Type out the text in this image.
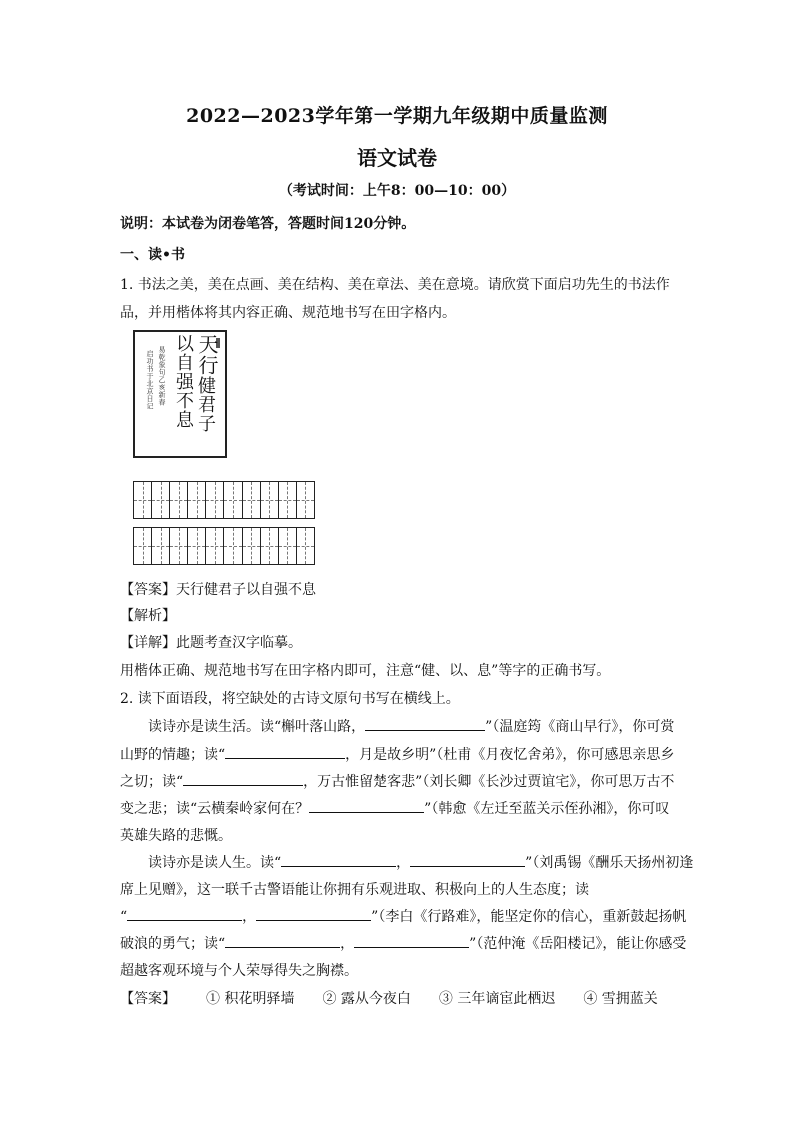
2022—2023学年第一学期九年级期中质量监测
语文试卷
（考试时间：上午8：00—10：00）
说明：本试卷为闭卷笔答，答题时间120分钟。
一、读•书
1. 书法之美，美在点画、美在结构、美在章法、美在意境。请欣赏下面启功先生的书法作
品，并用楷体将其内容正确、规范地书写在田字格内。
天行
健君子
以自强不息
易乾象句乙亥新春
启功书于北京日记
【答案】天行健君子以自强不息
【解析】
【详解】此题考查汉字临摹。
用楷体正确、规范地书写在田字格内即可，注意“健、以、息”等字的正确书写。
2. 读下面语段，将空缺处的古诗文原句书写在横线上。
读诗亦是读生活。读“槲叶落山路，	”（温庭筠《商山早行》，你可赏
山野的情趣；读“	，月是故乡明”（杜甫《月夜忆舍弟》，你可感思亲思乡
之切；读“	，万古惟留楚客悲”（刘长卿《长沙过贾谊宅》，你可思万古不
变之悲；读“云横秦岭家何在？	”（韩愈《左迁至蓝关示侄孙湘》，你可叹
英雄失路的悲慨。
读诗亦是读人生。读“	，	”（刘禹锡《酬乐天扬州初逢
席上见赠》，这一联千古警语能让你拥有乐观进取、积极向上的人生态度；读
“	，	”（李白《行路难》，能坚定你的信心，重新鼓起扬帆
破浪的勇气；读“	，	”（范仲淹《岳阳楼记》，能让你感受
超越客观环境与个人荣辱得失之胸襟。
【答案】 ① 积花明驿墙 ② 露从今夜白 ③ 三年谪宦此栖迟 ④ 雪拥蓝关
